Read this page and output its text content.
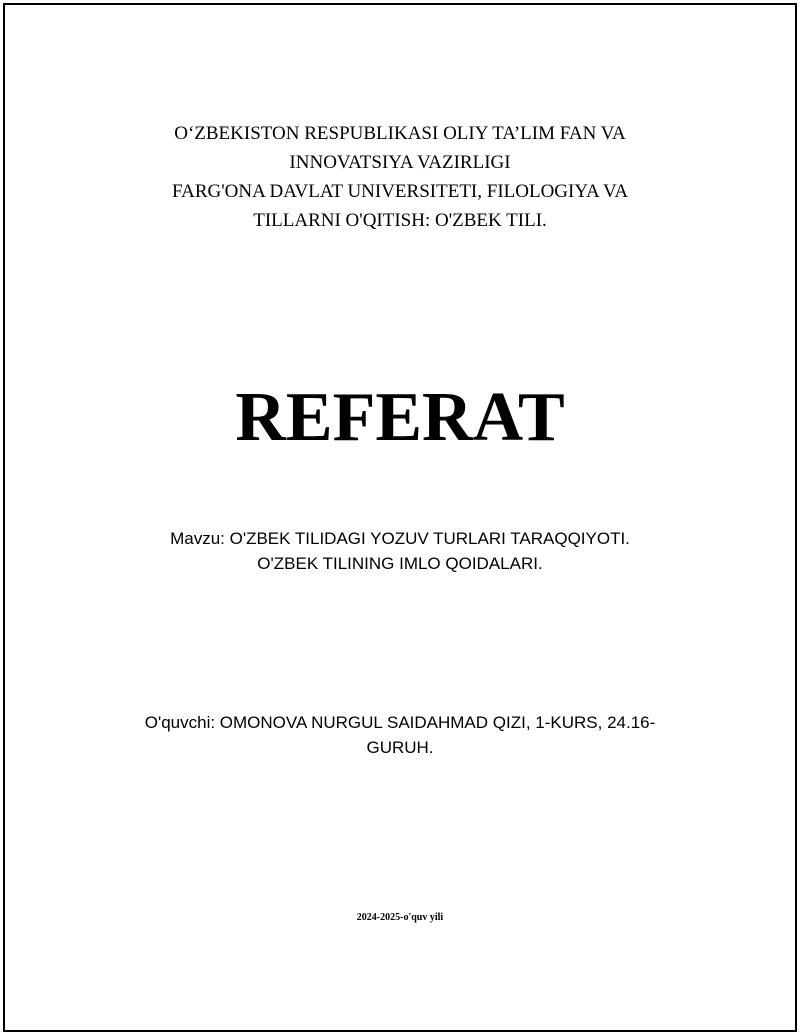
O‘ZBEKISTON RESPUBLIKASI OLIY TA’LIM FAN VA
INNOVATSIYA VAZIRLIGI
FARG'ONA DAVLAT UNIVERSITETI, FILOLOGIYA VA
TILLARNI O'QITISH: O'ZBEK TILI.
REFERAT
Mavzu: O'ZBEK TILIDAGI YOZUV TURLARI TARAQQIYOTI.
O'ZBEK TILINING IMLO QOIDALARI.
O'quvchi: OMONOVA NURGUL SAIDAHMAD QIZI, 1-KURS, 24.16-
GURUH.
2024-2025-o'quv yili
